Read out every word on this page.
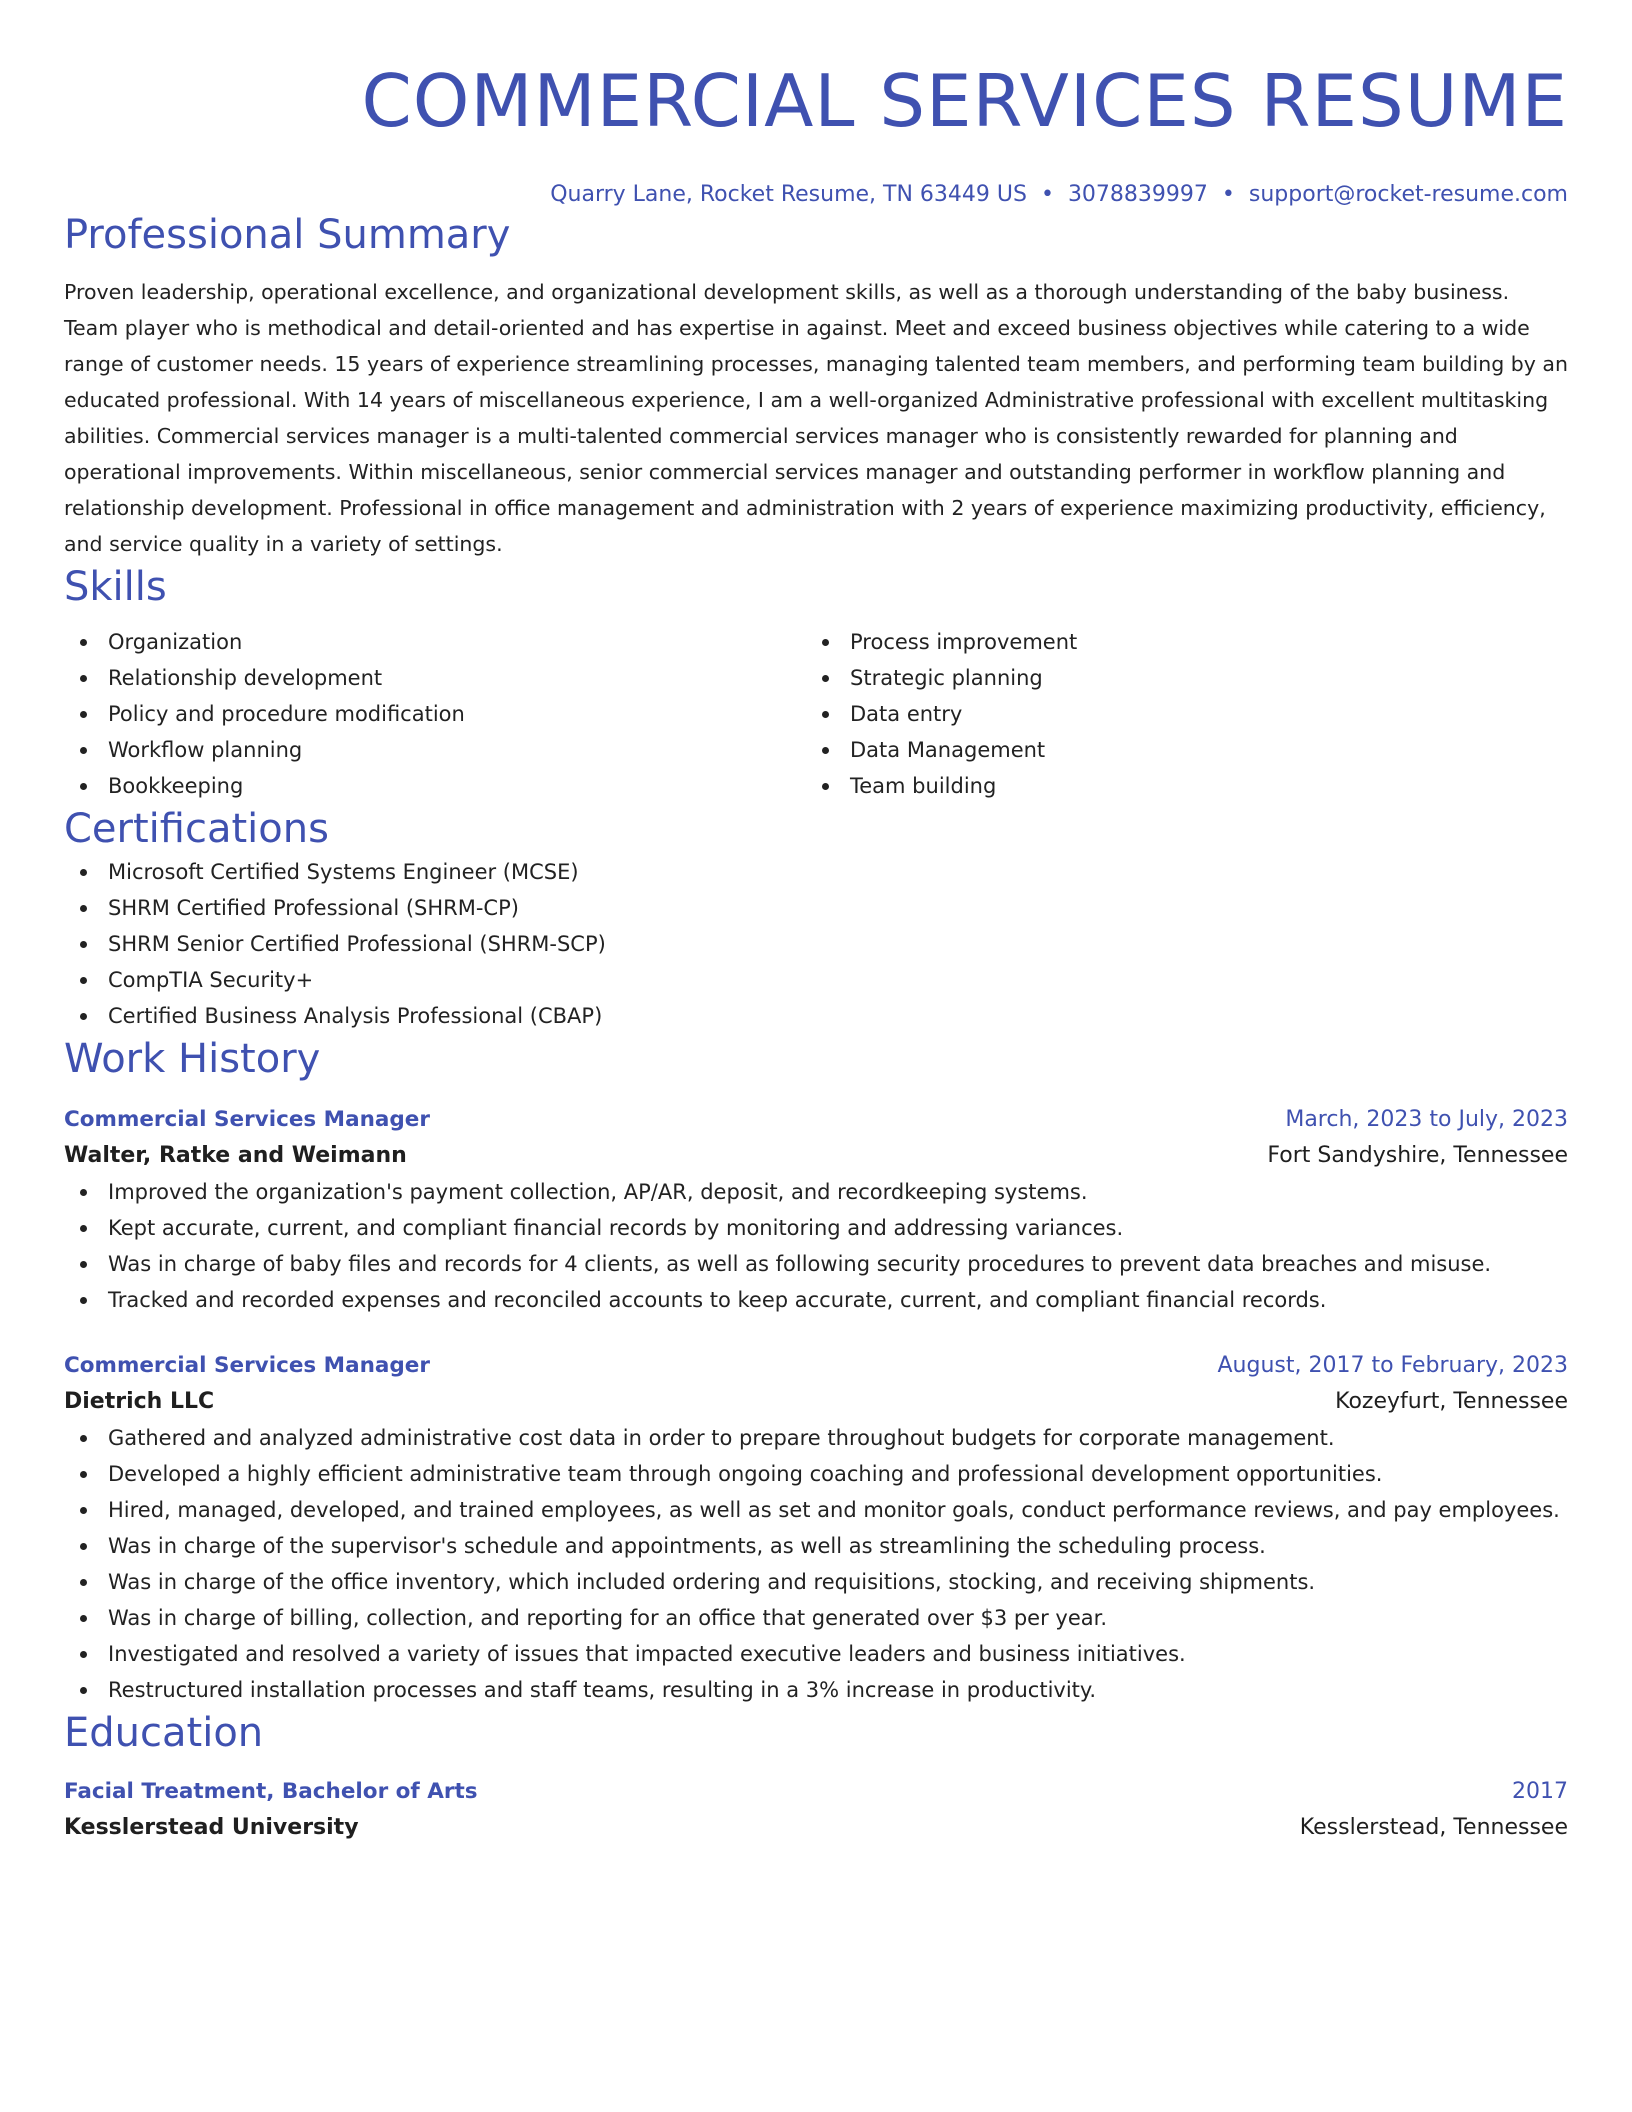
COMMERCIAL SERVICES RESUME
Quarry Lane, Rocket Resume, TN 63449 US • 3078839997 • support@rocket-resume.com
Professional Summary
Proven leadership, operational excellence, and organizational development skills, as well as a thorough understanding of the baby business. Team player who is methodical and detail-oriented and has expertise in against. Meet and exceed business objectives while catering to a wide range of customer needs. 15 years of experience streamlining processes, managing talented team members, and performing team building by an educated professional. With 14 years of miscellaneous experience, I am a well-organized Administrative professional with excellent multitasking abilities. Commercial services manager is a multi-talented commercial services manager who is consistently rewarded for planning and operational improvements. Within miscellaneous, senior commercial services manager and outstanding performer in workflow planning and relationship development. Professional in office management and administration with 2 years of experience maximizing productivity, efficiency, and service quality in a variety of settings.
Skills
Organization
Relationship development
Policy and procedure modification
Workflow planning
Bookkeeping
Process improvement
Strategic planning
Data entry
Data Management
Team building
Certifications
Microsoft Certified Systems Engineer (MCSE)
SHRM Certified Professional (SHRM-CP)
SHRM Senior Certified Professional (SHRM-SCP)
CompTIA Security+
Certified Business Analysis Professional (CBAP)
Work History
Commercial Services Manager	March, 2023 to July, 2023
Walter, Ratke and Weimann	Fort Sandyshire, Tennessee
Improved the organization's payment collection, AP/AR, deposit, and recordkeeping systems.
Kept accurate, current, and compliant financial records by monitoring and addressing variances.
Was in charge of baby files and records for 4 clients, as well as following security procedures to prevent data breaches and misuse.
Tracked and recorded expenses and reconciled accounts to keep accurate, current, and compliant financial records.
Commercial Services Manager	August, 2017 to February, 2023
Dietrich LLC	Kozeyfurt, Tennessee
Gathered and analyzed administrative cost data in order to prepare throughout budgets for corporate management.
Developed a highly efficient administrative team through ongoing coaching and professional development opportunities.
Hired, managed, developed, and trained employees, as well as set and monitor goals, conduct performance reviews, and pay employees.
Was in charge of the supervisor's schedule and appointments, as well as streamlining the scheduling process.
Was in charge of the office inventory, which included ordering and requisitions, stocking, and receiving shipments.
Was in charge of billing, collection, and reporting for an office that generated over $3 per year.
Investigated and resolved a variety of issues that impacted executive leaders and business initiatives.
Restructured installation processes and staff teams, resulting in a 3% increase in productivity.
Education
Facial Treatment, Bachelor of Arts	2017
Kesslerstead University	Kesslerstead, Tennessee
